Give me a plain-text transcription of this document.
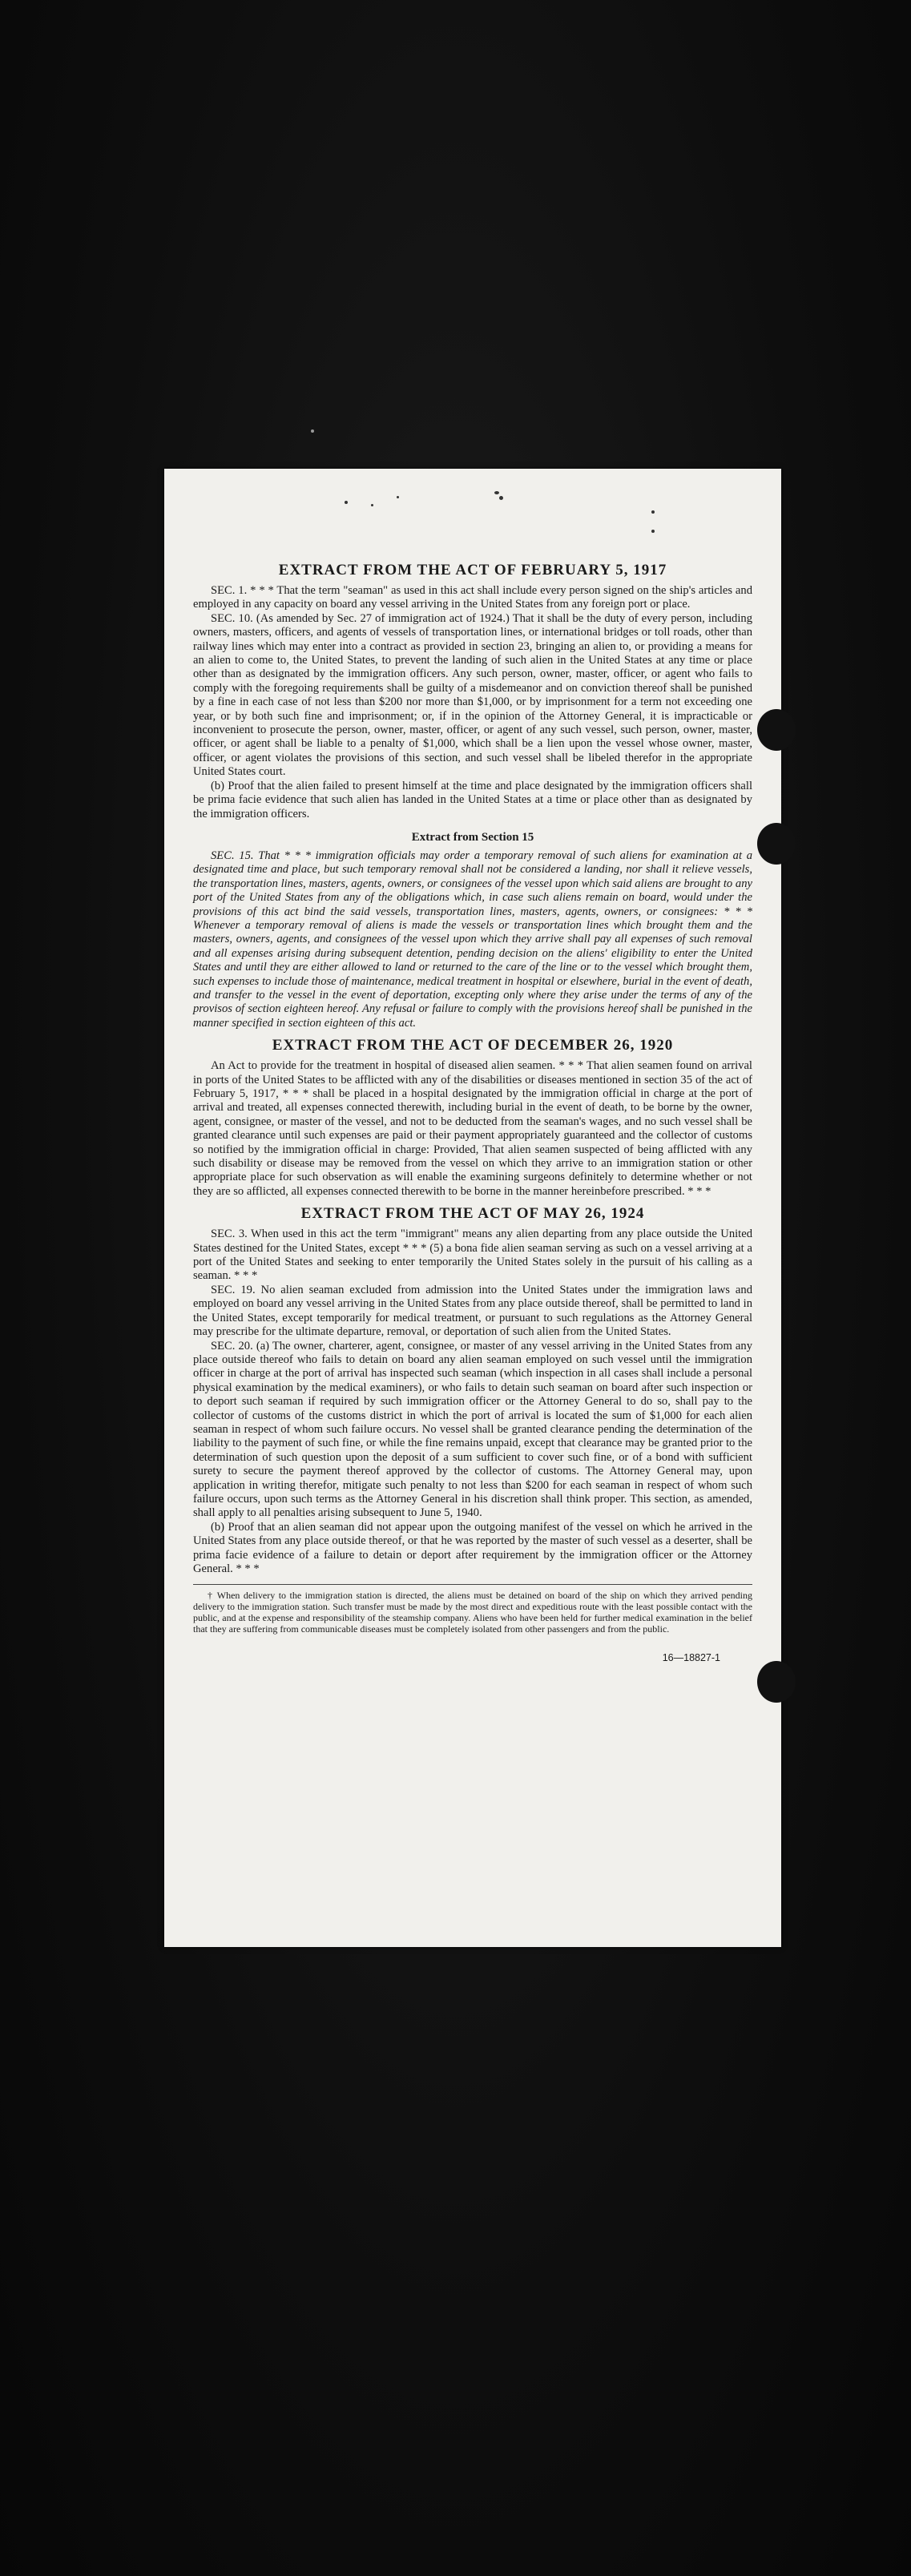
EXTRACT FROM THE ACT OF FEBRUARY 5, 1917

SEC. 1. * * * That the term "seaman" as used in this act shall include every person signed on the ship's articles and employed in any capacity on board any vessel arriving in the United States from any foreign port or place.

SEC. 10. (As amended by Sec. 27 of immigration act of 1924.) That it shall be the duty of every person, including owners, masters, officers, and agents of vessels of transportation lines, or international bridges or toll roads, other than railway lines which may enter into a contract as provided in section 23, bringing an alien to, or providing a means for an alien to come to, the United States, to prevent the landing of such alien in the United States at any time or place other than as designated by the immigration officers. Any such person, owner, master, officer, or agent who fails to comply with the foregoing requirements shall be guilty of a misdemeanor and on conviction thereof shall be punished by a fine in each case of not less than $200 nor more than $1,000, or by imprisonment for a term not exceeding one year, or by both such fine and imprisonment; or, if in the opinion of the Attorney General, it is impracticable or inconvenient to prosecute the person, owner, master, officer, or agent of any such vessel, such person, owner, master, officer, or agent shall be liable to a penalty of $1,000, which shall be a lien upon the vessel whose owner, master, officer, or agent violates the provisions of this section, and such vessel shall be libeled therefor in the appropriate United States court.

(b) Proof that the alien failed to present himself at the time and place designated by the immigration officers shall be prima facie evidence that such alien has landed in the United States at a time or place other than as designated by the immigration officers.

Extract from Section 15

SEC. 15. That * * * immigration officials may order a temporary removal of such aliens for examination at a designated time and place, but such temporary removal shall not be considered a landing, nor shall it relieve vessels, the transportation lines, masters, agents, owners, or consignees of the vessel upon which said aliens are brought to any port of the United States from any of the obligations which, in case such aliens remain on board, would under the provisions of this act bind the said vessels, transportation lines, masters, agents, owners, or consignees: * * * Whenever a temporary removal of aliens is made the vessels or transportation lines which brought them and the masters, owners, agents, and consignees of the vessel upon which they arrive shall pay all expenses of such removal and all expenses arising during subsequent detention, pending decision on the aliens' eligibility to enter the United States and until they are either allowed to land or returned to the care of the line or to the vessel which brought them, such expenses to include those of maintenance, medical treatment in hospital or elsewhere, burial in the event of death, and transfer to the vessel in the event of deportation, excepting only where they arise under the terms of any of the provisos of section eighteen hereof. Any refusal or failure to comply with the provisions hereof shall be punished in the manner specified in section eighteen of this act.

EXTRACT FROM THE ACT OF DECEMBER 26, 1920

An Act to provide for the treatment in hospital of diseased alien seamen. * * * That alien seamen found on arrival in ports of the United States to be afflicted with any of the disabilities or diseases mentioned in section 35 of the act of February 5, 1917, * * * shall be placed in a hospital designated by the immigration official in charge at the port of arrival and treated, all expenses connected therewith, including burial in the event of death, to be borne by the owner, agent, consignee, or master of the vessel, and not to be deducted from the seaman's wages, and no such vessel shall be granted clearance until such expenses are paid or their payment appropriately guaranteed and the collector of customs so notified by the immigration official in charge: Provided, That alien seamen suspected of being afflicted with any such disability or disease may be removed from the vessel on which they arrive to an immigration station or other appropriate place for such observation as will enable the examining surgeons definitely to determine whether or not they are so afflicted, all expenses connected therewith to be borne in the manner hereinbefore prescribed. * * *

EXTRACT FROM THE ACT OF MAY 26, 1924

SEC. 3. When used in this act the term "immigrant" means any alien departing from any place outside the United States destined for the United States, except * * * (5) a bona fide alien seaman serving as such on a vessel arriving at a port of the United States and seeking to enter temporarily the United States solely in the pursuit of his calling as a seaman. * * *

SEC. 19. No alien seaman excluded from admission into the United States under the immigration laws and employed on board any vessel arriving in the United States from any place outside thereof, shall be permitted to land in the United States, except temporarily for medical treatment, or pursuant to such regulations as the Attorney General may prescribe for the ultimate departure, removal, or deportation of such alien from the United States.

SEC. 20. (a) The owner, charterer, agent, consignee, or master of any vessel arriving in the United States from any place outside thereof who fails to detain on board any alien seaman employed on such vessel until the immigration officer in charge at the port of arrival has inspected such seaman (which inspection in all cases shall include a personal physical examination by the medical examiners), or who fails to detain such seaman on board after such inspection or to deport such seaman if required by such immigration officer or the Attorney General to do so, shall pay to the collector of customs of the customs district in which the port of arrival is located the sum of $1,000 for each alien seaman in respect of whom such failure occurs. No vessel shall be granted clearance pending the determination of the liability to the payment of such fine, or while the fine remains unpaid, except that clearance may be granted prior to the determination of such question upon the deposit of a sum sufficient to cover such fine, or of a bond with sufficient surety to secure the payment thereof approved by the collector of customs. The Attorney General may, upon application in writing therefor, mitigate such penalty to not less than $200 for each seaman in respect of whom such failure occurs, upon such terms as the Attorney General in his discretion shall think proper. This section, as amended, shall apply to all penalties arising subsequent to June 5, 1940.

(b) Proof that an alien seaman did not appear upon the outgoing manifest of the vessel on which he arrived in the United States from any place outside thereof, or that he was reported by the master of such vessel as a deserter, shall be prima facie evidence of a failure to detain or deport after requirement by the immigration officer or the Attorney General. * * *

† When delivery to the immigration station is directed, the aliens must be detained on board of the ship on which they arrived pending delivery to the immigration station. Such transfer must be made by the most direct and expeditious route with the least possible contact with the public, and at the expense and responsibility of the steamship company. Aliens who have been held for further medical examination in the belief that they are suffering from communicable diseases must be completely isolated from other passengers and from the public.

16—18827-1
